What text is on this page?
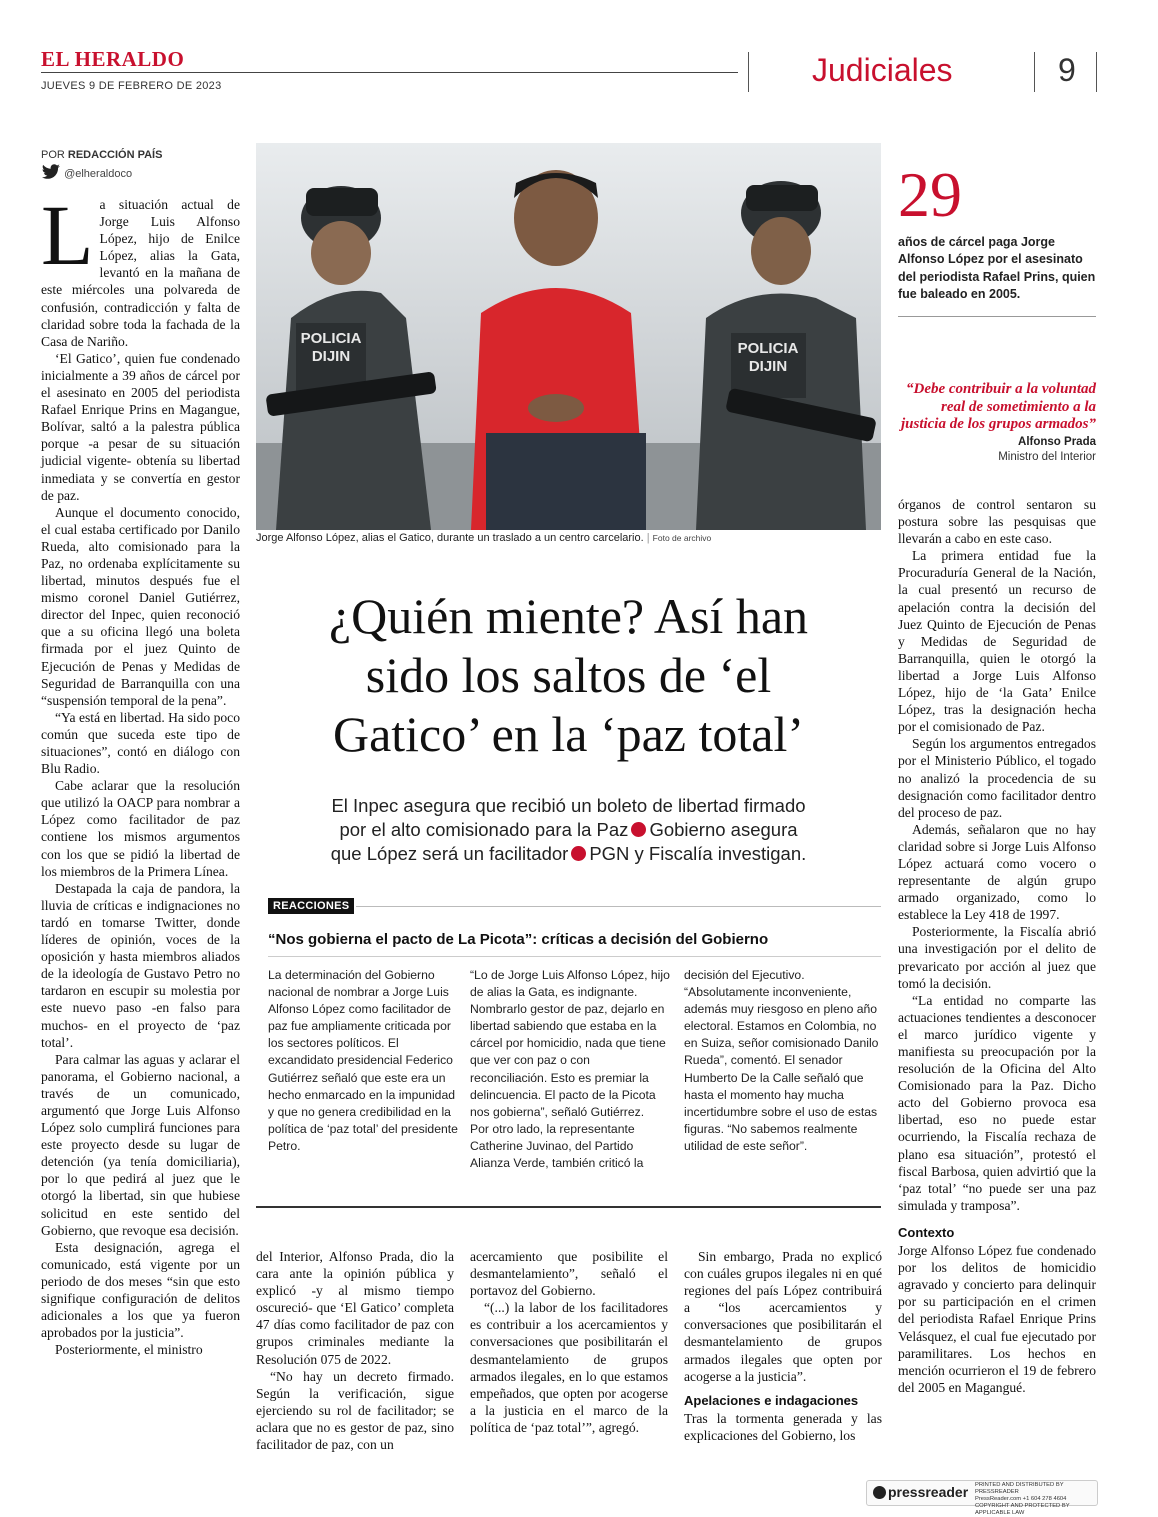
EL HERALDO
JUEVES 9 DE FEBRERO DE 2023	Judiciales	9
POR REDACCIÓN PAÍS
@elheraldoco
L a situación actual de Jorge Luis Alfonso López, hijo de Enilce López, alias la Gata, levantó en la mañana de este miércoles una polvareda de confusión, contradicción y falta de claridad sobre toda la fachada de la Casa de Nariño.

‘El Gatico’, quien fue condenado inicialmente a 39 años de cárcel por el asesinato en 2005 del periodista Rafael Enrique Prins en Magangue, Bolívar, saltó a la palestra pública porque -a pesar de su situación judicial vigente- obtenía su libertad inmediata y se convertía en gestor de paz.

Aunque el documento conocido, el cual estaba certificado por Danilo Rueda, alto comisionado para la Paz, no ordenaba explícitamente su libertad, minutos después fue el mismo coronel Daniel Gutiérrez, director del Inpec, quien reconoció que a su oficina llegó una boleta firmada por el juez Quinto de Ejecución de Penas y Medidas de Seguridad de Barranquilla con una “suspensión temporal de la pena”.

“Ya está en libertad. Ha sido poco común que suceda este tipo de situaciones”, contó en diálogo con Blu Radio.

Cabe aclarar que la resolución que utilizó la OACP para nombrar a López como facilitador de paz contiene los mismos argumentos con los que se pidió la libertad de los miembros de la Primera Línea.

Destapada la caja de pandora, la lluvia de críticas e indignaciones no tardó en tomarse Twitter, donde líderes de opinión, voces de la oposición y hasta miembros aliados de la ideología de Gustavo Petro no tardaron en escupir su molestia por este nuevo paso -en falso para muchos- en el proyecto de ‘paz total’.

Para calmar las aguas y aclarar el panorama, el Gobierno nacional, a través de un comunicado, argumentó que Jorge Luis Alfonso López solo cumplirá funciones para este proyecto desde su lugar de detención (ya tenía domiciliaria), por lo que pedirá al juez que le otorgó la libertad, sin que hubiese solicitud en este sentido del Gobierno, que revoque esa decisión.

Esta designación, agrega el comunicado, está vigente por un periodo de dos meses “sin que esto signifique configuración de delitos adicionales a los que ya fueron aprobados por la justicia”.

Posteriormente, el ministro

POLICIA
DIJIN	POLICIA
DIJIN
Jorge Alfonso López, alias el Gatico, durante un traslado a un centro carcelario. | Foto de archivo
¿Quién miente? Así han
sido los saltos de ‘el
Gatico’ en la ‘paz total’
El Inpec asegura que recibió un boleto de libertad firmado
por el alto comisionado para la Paz Gobierno asegura
que López será un facilitador PGN y Fiscalía investigan.
REACCIONES
“Nos gobierna el pacto de La Picota”: críticas a decisión del Gobierno

La determinación del Gobierno nacional de nombrar a Jorge Luis Alfonso López como facilitador de paz fue ampliamente criticada por los sectores políticos. El excandidato presidencial Federico Gutiérrez señaló que este era un hecho enmarcado en la impunidad y que no genera credibilidad en la política de ‘paz total’ del presidente Petro.

“Lo de Jorge Luis Alfonso López, hijo de alias la Gata, es indignante. Nombrarlo gestor de paz, dejarlo en libertad sabiendo que estaba en la cárcel por homicidio, nada que tiene que ver con paz o con reconciliación. Esto es premiar la delincuencia. El pacto de la Picota nos gobierna”, señaló Gutiérrez.

Por otro lado, la representante Catherine Juvinao, del Partido Alianza Verde, también criticó la

decisión del Ejecutivo. “Absolutamente inconveniente, además muy riesgoso en pleno año electoral. Estamos en Colombia, no en Suiza, señor comisionado Danilo Rueda”, comentó. El senador Humberto De la Calle señaló que hasta el momento hay mucha incertidumbre sobre el uso de estas figuras. “No sabemos realmente utilidad de este señor”.

del Interior, Alfonso Prada, dio la cara ante la opinión pública y explicó -y al mismo tiempo oscureció- que ‘El Gatico’ completa 47 días como facilitador de paz con grupos criminales mediante la Resolución 075 de 2022.

“No hay un decreto firmado. Según la verificación, sigue ejerciendo su rol de facilitador; se aclara que no es gestor de paz, sino facilitador de paz, con un

acercamiento que posibilite el desmantelamiento”, señaló el portavoz del Gobierno.

“(...) la labor de los facilitadores es contribuir a los acercamientos y conversaciones que posibilitarán el desmantelamiento de grupos armados ilegales, en lo que estamos empeñados, que opten por acogerse a la justicia en el marco de la política de ‘paz total’”, agregó.

Sin embargo, Prada no explicó con cuáles grupos ilegales ni en qué regiones del país López contribuirá a “los acercamientos y conversaciones que posibilitarán el desmantelamiento de grupos armados ilegales que opten por acogerse a la justicia”.

Apelaciones e indagaciones

Tras la tormenta generada y las explicaciones del Gobierno, los

29
años de cárcel paga Jorge Alfonso López por el asesinato del periodista Rafael Prins, quien fue baleado en 2005.
“Debe contribuir a la voluntad real de sometimiento a la justicia de los grupos armados”
Alfonso Prada
Ministro del Interior

órganos de control sentaron su postura sobre las pesquisas que llevarán a cabo en este caso.

La primera entidad fue la Procuraduría General de la Nación, la cual presentó un recurso de apelación contra la decisión del Juez Quinto de Ejecución de Penas y Medidas de Seguridad de Barranquilla, quien le otorgó la libertad a Jorge Luis Alfonso López, hijo de ‘la Gata’ Enilce López, tras la designación hecha por el comisionado de Paz.

Según los argumentos entregados por el Ministerio Público, el togado no analizó la procedencia de su designación como facilitador dentro del proceso de paz.

Además, señalaron que no hay claridad sobre si Jorge Luis Alfonso López actuará como vocero o representante de algún grupo armado organizado, como lo establece la Ley 418 de 1997.

Posteriormente, la Fiscalía abrió una investigación por el delito de prevaricato por acción al juez que tomó la decisión.

“La entidad no comparte las actuaciones tendientes a desconocer el marco jurídico vigente y manifiesta su preocupación por la resolución de la Oficina del Alto Comisionado para la Paz. Dicho acto del Gobierno provoca esa libertad, eso no puede estar ocurriendo, la Fiscalía rechaza de plano esa situación”, protestó el fiscal Barbosa, quien advirtió que la ‘paz total’ “no puede ser una paz simulada y tramposa”.

Contexto

Jorge Alfonso López fue condenado por los delitos de homicidio agravado y concierto para delinquir por su participación en el crimen del periodista Rafael Enrique Prins Velásquez, el cual fue ejecutado por paramilitares. Los hechos en mención ocurrieron el 19 de febrero del 2005 en Magangué.

pressreader PRINTED AND DISTRIBUTED BY PRESSREADER
PressReader.com +1 604 278 4604
COPYRIGHT AND PROTECTED BY APPLICABLE LAW
